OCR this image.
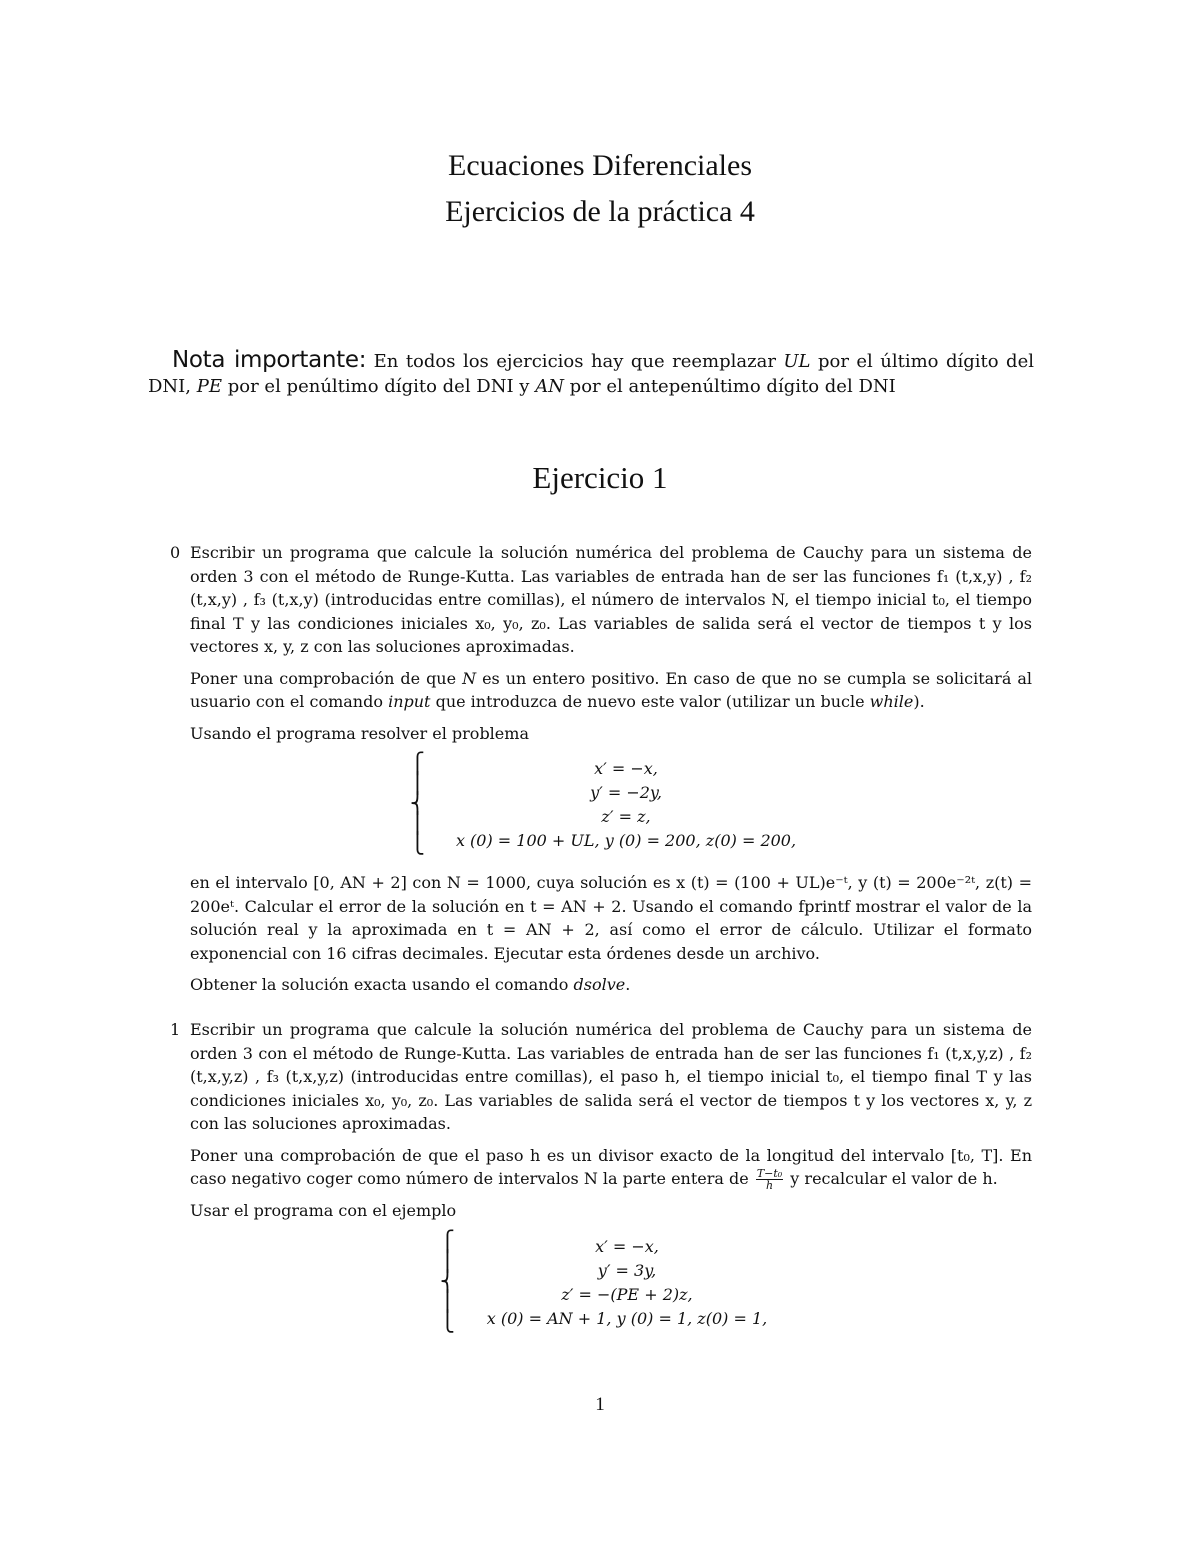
Ecuaciones Diferenciales
Ejercicios de la práctica 4

Nota importante: En todos los ejercicios hay que reemplazar UL por el último dígito del DNI, PE por el penúltimo dígito del DNI y AN por el antepenúltimo dígito del DNI

Ejercicio 1
0 Escribir un programa que calcule la solución numérica del problema de Cauchy para un sistema de orden 3 con el método de Runge-Kutta. Las variables de entrada han de ser las funciones f₁ (t,x,y) , f₂ (t,x,y) , f₃ (t,x,y) (introducidas entre comillas), el número de intervalos N, el tiempo inicial t₀, el tiempo final T y las condiciones iniciales x₀, y₀, z₀. Las variables de salida será el vector de tiempos t y los vectores x, y, z con las soluciones aproximadas.

Poner una comprobación de que N es un entero positivo. En caso de que no se cumpla se solicitará al usuario con el comando input que introduzca de nuevo este valor (utilizar un bucle while).

Usando el programa resolver el problema

⎧
⎪
⎨
⎪
⎩
x′ = −x,
y′ = −2y,
z′ = z,
x (0) = 100 + UL, y (0) = 200, z(0) = 200,

en el intervalo [0, AN + 2] con N = 1000, cuya solución es x (t) = (100 + UL)e⁻ᵗ, y (t) = 200e⁻²ᵗ, z(t) = 200eᵗ. Calcular el error de la solución en t = AN + 2. Usando el comando fprintf mostrar el valor de la solución real y la aproximada en t = AN + 2, así como el error de cálculo. Utilizar el formato exponencial con 16 cifras decimales. Ejecutar esta órdenes desde un archivo.

Obtener la solución exacta usando el comando dsolve.

1 Escribir un programa que calcule la solución numérica del problema de Cauchy para un sistema de orden 3 con el método de Runge-Kutta. Las variables de entrada han de ser las funciones f₁ (t,x,y,z) , f₂ (t,x,y,z) , f₃ (t,x,y,z) (introducidas entre comillas), el paso h, el tiempo inicial t₀, el tiempo final T y las condiciones iniciales x₀, y₀, z₀. Las variables de salida será el vector de tiempos t y los vectores x, y, z con las soluciones aproximadas.

Poner una comprobación de que el paso h es un divisor exacto de la longitud del intervalo [t₀, T]. En caso negativo coger como número de intervalos N la parte entera de $\frac{\text{T−t₀}}{h}$ y recalcular el valor de h.

Usar el programa con el ejemplo

⎧
⎪
⎨
⎪
⎩
x′ = −x,
y′ = 3y,
z′ = −(PE + 2)z,
x (0) = AN + 1, y (0) = 1, z(0) = 1,
1
